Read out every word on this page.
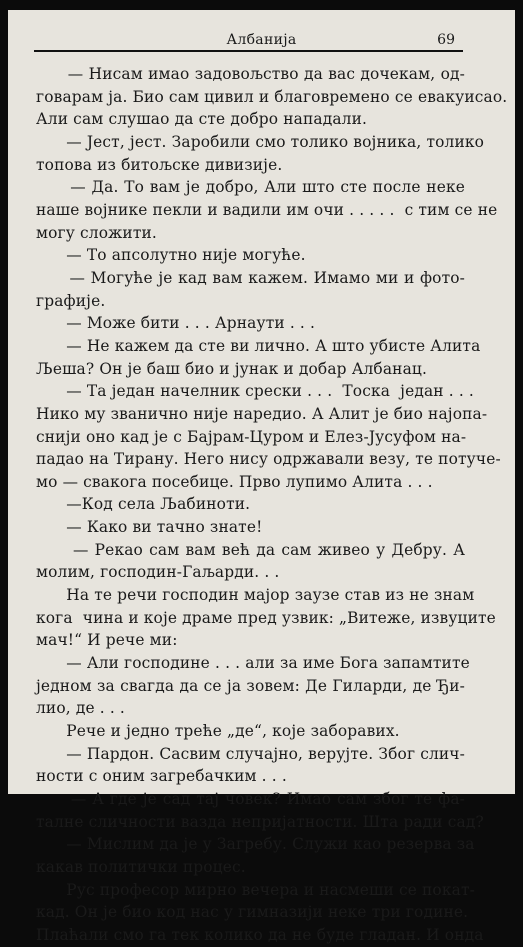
Албанија	69
— Нисам имао задовољство да вас дочекам, од-
говарам ја. Био сам цивил и благовремено се евакуисао.
Али сам слушао да сте добро нападали.
— Јест, јест. Заробили смо толико војника, толико
топова из битољске дивизије.
— Да. То вам је добро, Али што сте после неке
наше војнике пекли и вадили им очи . . . . .  с тим се не
могу сложити.
— То апсолутно није могуће.
— Могуће је кад вам кажем. Имамо ми и фото-
графије.
— Може бити . . . Арнаути . . .
— Не кажем да сте ви лично. А што убисте Алита
Љеша? Он је баш био и јунак и добар Албанац.
— Та један начелник срески . . .  Тоска  један . . .
Нико му званично није наредио. А Алит је био најопа-
снији оно кад је с Бајрам-Цуром и Елез-Јусуфом на-
падао на Тирану. Него нису одржавали везу, те потуче-
мо — свакога посебице. Прво лупимо Алита . . .
—Код села Љабиноти.
— Како ви тачно знате!
— Рекао сам вам већ да сам живео у Дебру. А
молим, господин-Гаљарди. . .
На те речи господин мајор заузе став из не знам
кога  чина и које драме пред узвик: „Витеже, извуците
мач!“ И рече ми:
— Али господине . . . али за име Бога запамтите
једном за свагда да се ја зовем: Де Гиларди, де Ђи-
лио, де . . .
Рече и једно треће „де“, које заборавих.
— Пардон. Сасвим случајно, верујте. Због слич-
ности с оним загребачким . . .
— А где је сад тај човек? Имао сам због те фа-
талне сличности вазда непријатности. Шта ради сад?
— Мислим да је у Загребу. Служи као резерва за
какав политички процес.
Рус професор мирно вечера и насмеши се покат-
кад. Он је био код нас у гимназији неке три године.
Плаћали смо га тек колико да не буде гладан. И онда
